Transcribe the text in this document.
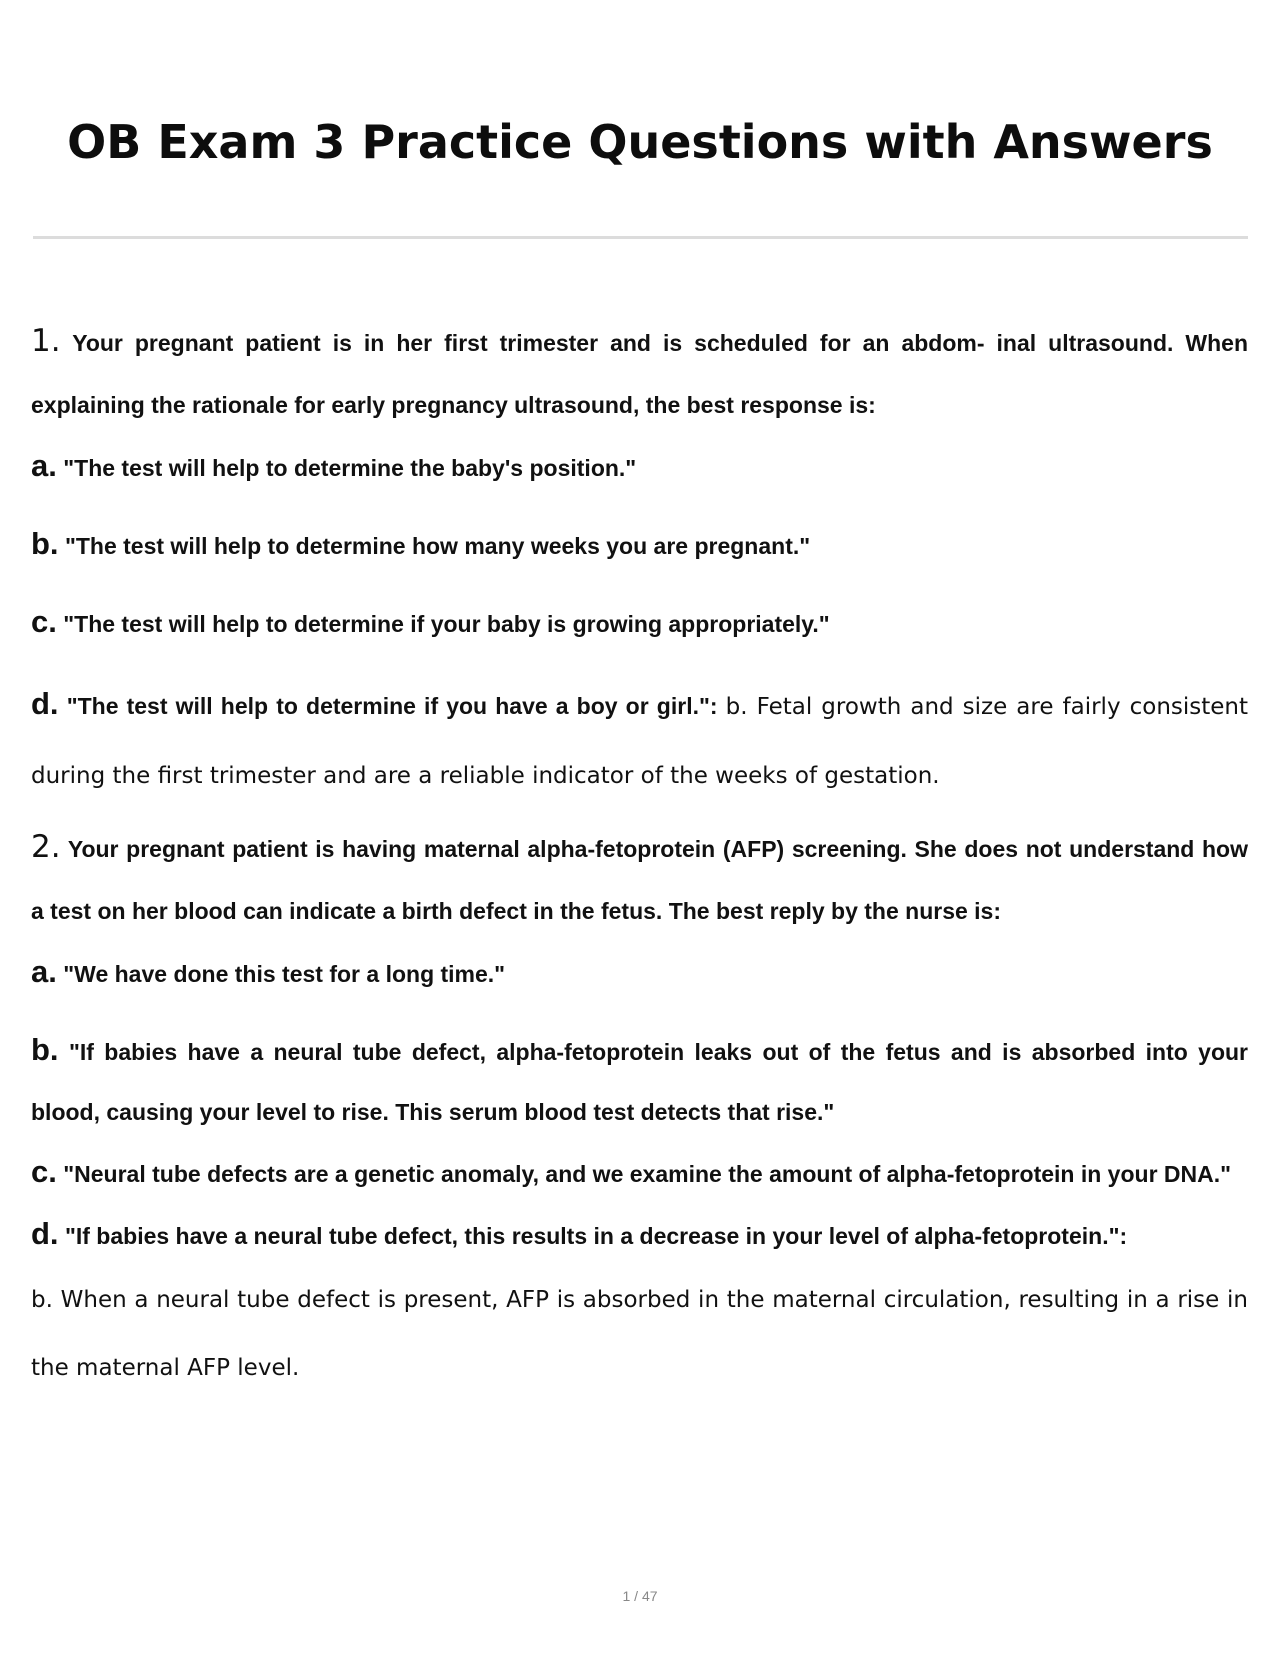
OB Exam 3 Practice Questions with Answers

1. Your pregnant patient is in her first trimester and is scheduled for an abdom- inal ultrasound. When explaining the rationale for early pregnancy ultrasound, the best response is:

a. "The test will help to determine the baby's position."

b. "The test will help to determine how many weeks you are pregnant."

c. "The test will help to determine if your baby is growing appropriately."

d. "The test will help to determine if you have a boy or girl.": b. Fetal growth and size are fairly consistent during the first trimester and are a reliable indicator of the weeks of gestation.

2. Your pregnant patient is having maternal alpha-fetoprotein (AFP) screening. She does not understand how a test on her blood can indicate a birth defect in the fetus. The best reply by the nurse is:

a. "We have done this test for a long time."

b. "If babies have a neural tube defect, alpha-fetoprotein leaks out of the fetus and is absorbed into your blood, causing your level to rise. This serum blood test detects that rise."

c. "Neural tube defects are a genetic anomaly, and we examine the amount of alpha-fetoprotein in your DNA."

d. "If babies have a neural tube defect, this results in a decrease in your level of alpha-fetoprotein.":

b. When a neural tube defect is present, AFP is absorbed in the maternal circulation, resulting in a rise in the maternal AFP level.

1 / 47
